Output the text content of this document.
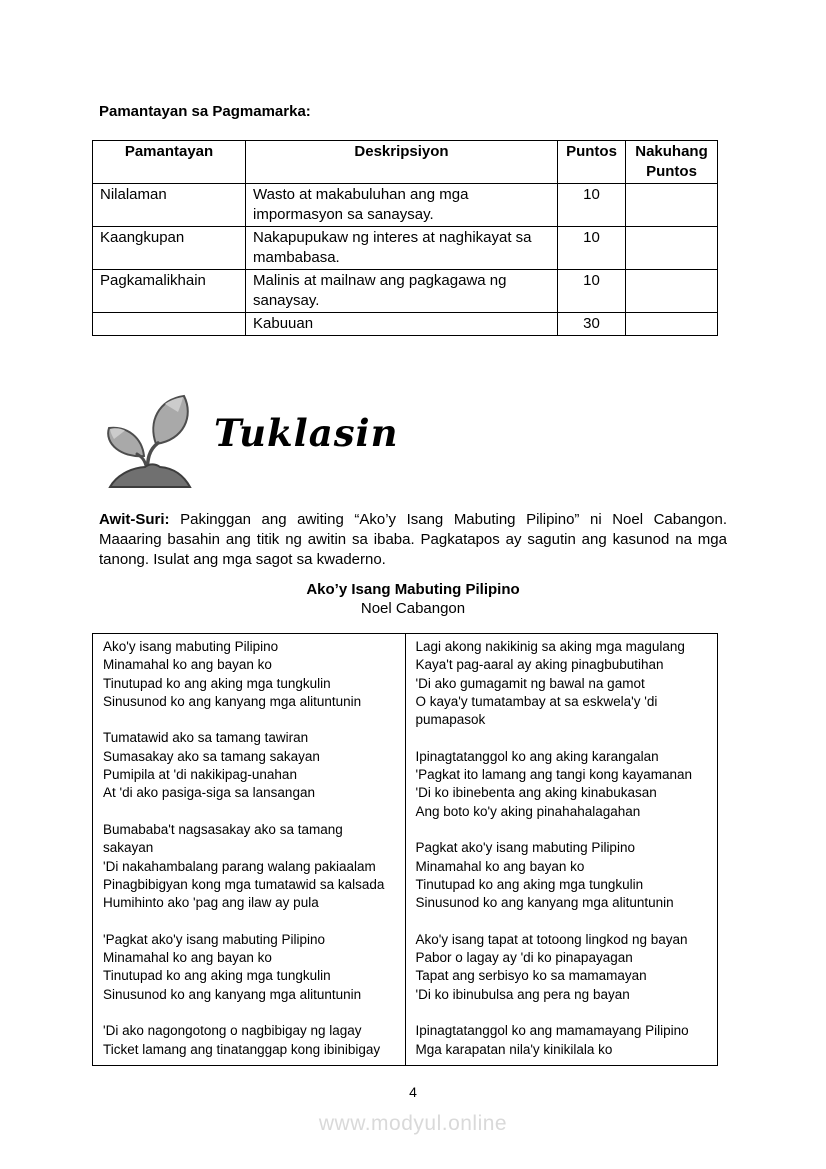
Pamantayan sa Pagmamarka:
Pamantayan	Deskripsiyon	Puntos	Nakuhang Puntos
Nilalaman	Wasto at makabuluhan ang mga impormasyon sa sanaysay.	10	
Kaangkupan	Nakapupukaw ng interes at naghikayat sa mambabasa.	10	
Pagkamalikhain	Malinis at mailnaw ang pagkagawa ng sanaysay.	10	
	Kabuuan	30	
Tuklasin

Awit-Suri: Pakinggan ang awiting “Ako’y Isang Mabuting Pilipino” ni Noel Cabangon. Maaaring basahin ang titik ng awitin sa ibaba. Pagkatapos ay sagutin ang kasunod na mga tanong. Isulat ang mga sagot sa kwaderno.

Ako’y Isang Mabuting Pilipino
Noel Cabangon
Ako'y isang mabuting Pilipino
Minamahal ko ang bayan ko
Tinutupad ko ang aking mga tungkulin
Sinusunod ko ang kanyang mga alituntunin
Tumatawid ako sa tamang tawiran
Sumasakay ako sa tamang sakayan
Pumipila at 'di nakikipag-unahan
At 'di ako pasiga-siga sa lansangan
Bumababa't nagsasakay ako sa tamang sakayan
'Di nakahambalang parang walang pakiaalam
Pinagbibigyan kong mga tumatawid sa kalsada
Humihinto ako 'pag ang ilaw ay pula
'Pagkat ako'y isang mabuting Pilipino
Minamahal ko ang bayan ko
Tinutupad ko ang aking mga tungkulin
Sinusunod ko ang kanyang mga alituntunin
'Di ako nagongotong o nagbibigay ng lagay
Ticket lamang ang tinatanggap kong ibinibigay

Lagi akong nakikinig sa aking mga magulang
Kaya't pag-aaral ay aking pinagbubutihan
'Di ako gumagamit ng bawal na gamot
O kaya'y tumatambay at sa eskwela'y 'di pumapasok
Ipinagtatanggol ko ang aking karangalan
'Pagkat ito lamang ang tangi kong kayamanan
'Di ko ibinebenta ang aking kinabukasan
Ang boto ko'y aking pinahahalagahan
Pagkat ako'y isang mabuting Pilipino
Minamahal ko ang bayan ko
Tinutupad ko ang aking mga tungkulin
Sinusunod ko ang kanyang mga alituntunin
Ako'y isang tapat at totoong lingkod ng bayan
Pabor o lagay ay 'di ko pinapayagan
Tapat ang serbisyo ko sa mamamayan
'Di ko ibinubulsa ang pera ng bayan
Ipinagtatanggol ko ang mamamayang Pilipino
Mga karapatan nila'y kinikilala ko
4
www.modyul.online
